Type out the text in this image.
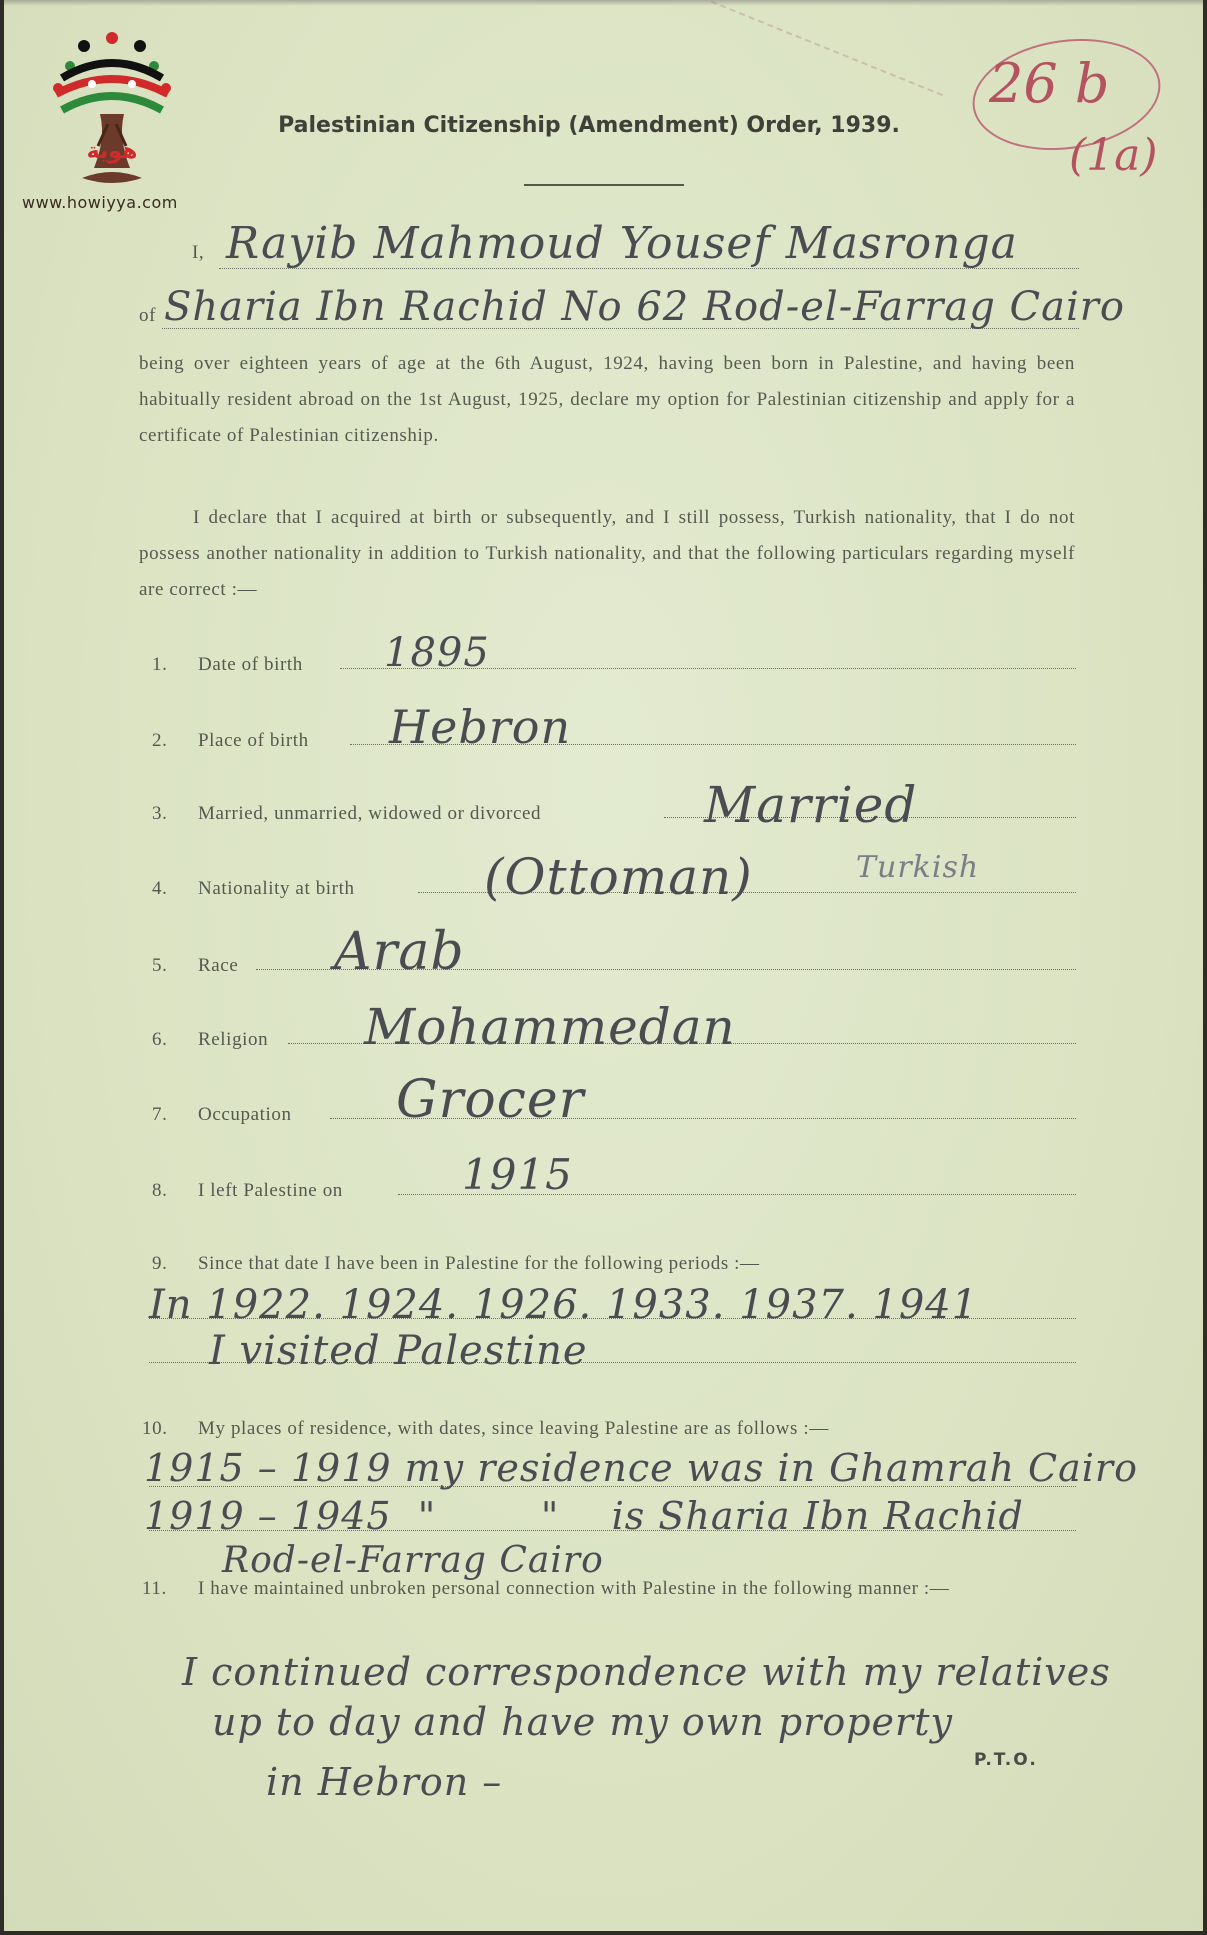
هوية
www.howiyya.com
26 b
(1a)
Palestinian Citizenship (Amendment) Order, 1939.
I, Rayib Mahmoud Yousef Masronga
of Sharia Ibn Rachid No 62 Rod-el-Farrag Cairo
being over eighteen years of age at the 6th August, 1924, having been born in Palestine, and having been habitually resident abroad on the 1st August, 1925, declare my option for Palestinian citizenship and apply for a certificate of Palestinian citizenship.
I declare that I acquired at birth or subsequently, and I still possess, Turkish nationality, that I do not possess another nationality in addition to Turkish nationality, and that the following particulars regarding myself are correct :—
1. Date of birth 1895
2. Place of birth Hebron
3. Married, unmarried, widowed or divorced	Married
4. Nationality at birth	(Ottoman)	Turkish
5. Race Arab
6. Religion Mohammedan
7. Occupation Grocer
8. I left Palestine on	1915
9. Since that date I have been in Palestine for the following periods :—
In 1922. 1924. 1926. 1933. 1937. 1941
I visited Palestine
10. My places of residence, with dates, since leaving Palestine are as follows :—
1915 – 1919 my residence was in Ghamrah Cairo
1919 – 1945  "        "    is Sharia Ibn Rachid
Rod-el-Farrag Cairo
11. I have maintained unbroken personal connection with Palestine in the following manner :—
I continued correspondence with my relatives
up to day and have my own property
in Hebron –	P.T.O.
